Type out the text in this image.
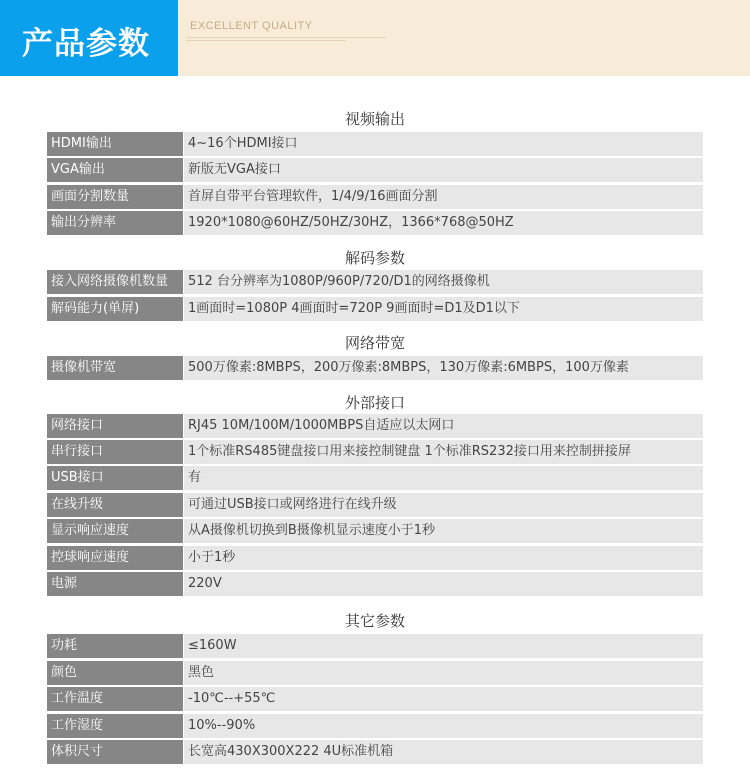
产品参数	EXCELLENT QUALITY
视频输出
HDMI输出	4~16个HDMI接口
VGA输出	新版无VGA接口
画面分割数量	首屏自带平台管理软件，1/4/9/16画面分割
输出分辨率	1920*1080@60HZ/50HZ/30HZ，1366*768@50HZ
解码参数
接入网络摄像机数量	512 台分辨率为1080P/960P/720/D1的网络摄像机
解码能力(单屏)	1画面时=1080P 4画面时=720P 9画面时=D1及D1以下
网络带宽
摄像机带宽	500万像素:8MBPS，200万像素:8MBPS，130万像素:6MBPS，100万像素
外部接口
网络接口	RJ45 10M/100M/1000MBPS自适应以太网口
串行接口	1个标准RS485键盘接口用来接控制键盘 1个标准RS232接口用来控制拼接屏
USB接口	有
在线升级	可通过USB接口或网络进行在线升级
显示响应速度	从A摄像机切换到B摄像机显示速度小于1秒
控球响应速度	小于1秒
电源	220V
其它参数
功耗	≤160W
颜色	黑色
工作温度	-10℃--+55℃
工作湿度	10%--90%
体积尺寸	长宽高430X300X222 4U标准机箱
